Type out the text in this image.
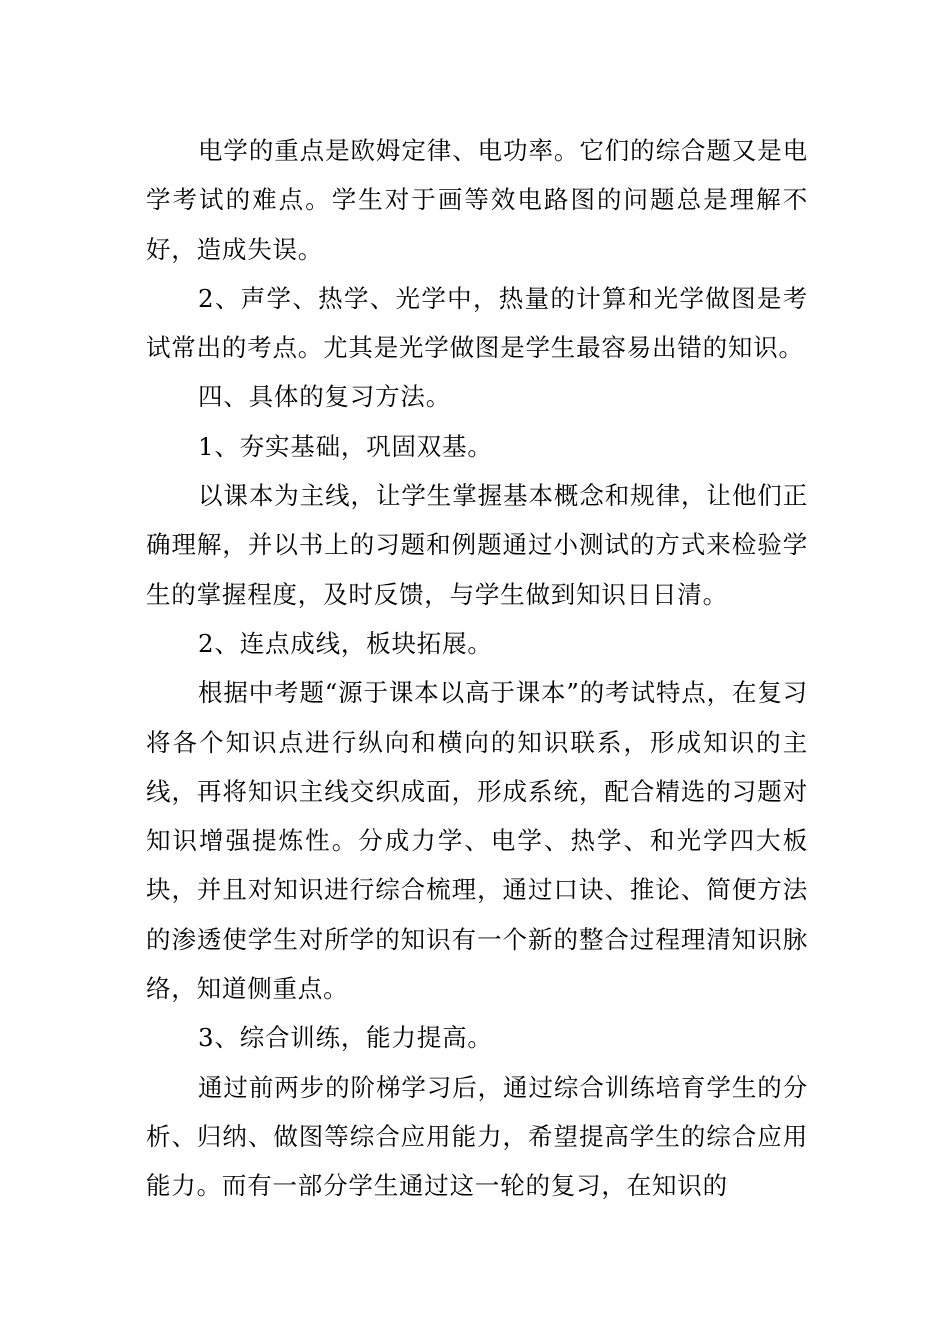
电学的重点是欧姆定律、电功率。它们的综合题又是电学考试的难点。学生对于画等效电路图的问题总是理解不好，造成失误。

2、声学、热学、光学中，热量的计算和光学做图是考试常出的考点。尤其是光学做图是学生最容易出错的知识。

四、具体的复习方法。

1、夯实基础，巩固双基。

以课本为主线，让学生掌握基本概念和规律，让他们正确理解，并以书上的习题和例题通过小测试的方式来检验学生的掌握程度，及时反馈，与学生做到知识日日清。

2、连点成线，板块拓展。

根据中考题“源于课本以高于课本”的考试特点，在复习将各个知识点进行纵向和横向的知识联系，形成知识的主线，再将知识主线交织成面，形成系统，配合精选的习题对知识增强提炼性。分成力学、电学、热学、和光学四大板块，并且对知识进行综合梳理，通过口诀、推论、简便方法的渗透使学生对所学的知识有一个新的整合过程理清知识脉络，知道侧重点。

3、综合训练，能力提高。

通过前两步的阶梯学习后，通过综合训练培育学生的分析、归纳、做图等综合应用能力，希望提高学生的综合应用能力。而有一部分学生通过这一轮的复习，在知识的
